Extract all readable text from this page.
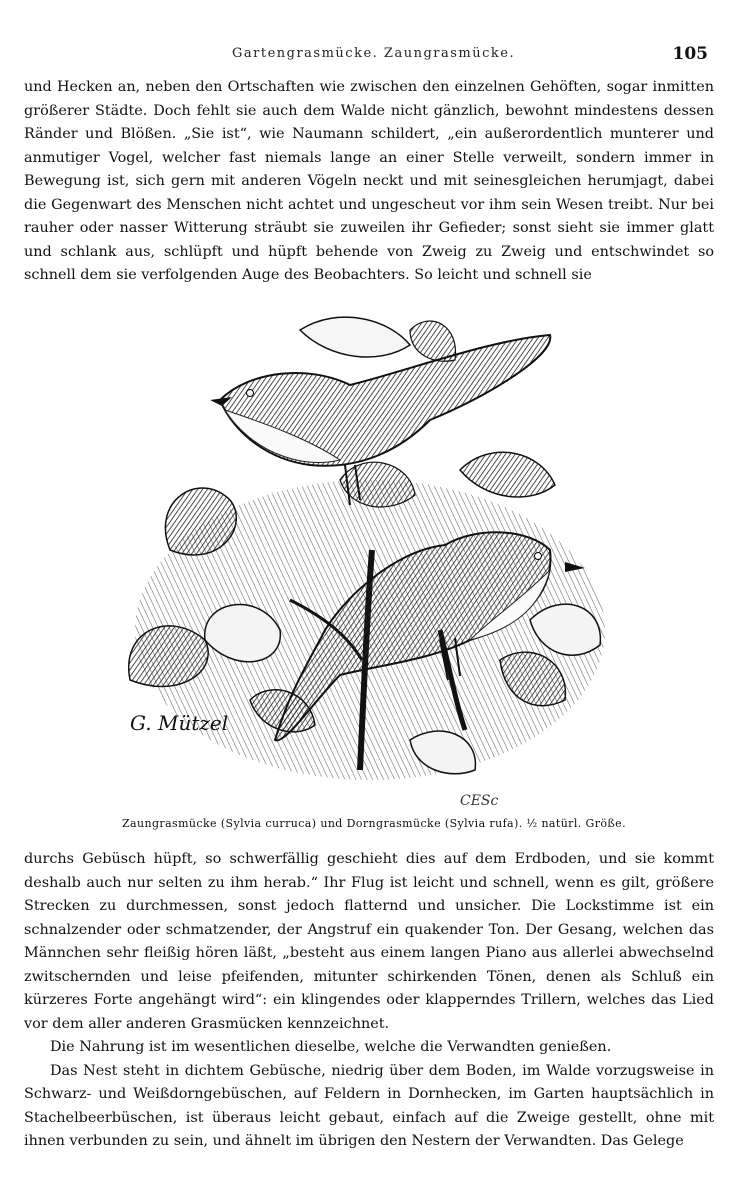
Gartengrasmücke. Zaungrasmücke.	105

und Hecken an, neben den Ortschaften wie zwischen den einzelnen Gehöften, sogar inmitten größerer Städte. Doch fehlt sie auch dem Walde nicht gänzlich, bewohnt mindestens dessen Ränder und Blößen. „Sie ist“, wie Naumann schildert, „ein außerordentlich munterer und anmutiger Vogel, welcher fast niemals lange an einer Stelle verweilt, sondern immer in Bewegung ist, sich gern mit anderen Vögeln neckt und mit seinesgleichen herumjagt, dabei die Gegenwart des Menschen nicht achtet und ungescheut vor ihm sein Wesen treibt. Nur bei rauher oder nasser Witterung sträubt sie zuweilen ihr Gefieder; sonst sieht sie immer glatt und schlank aus, schlüpft und hüpft behende von Zweig zu Zweig und entschwindet so schnell dem sie verfolgenden Auge des Beobachters. So leicht und schnell sie

G. Mützel
CESc
Zaungrasmücke (Sylvia curruca) und Dorngrasmücke (Sylvia rufa). ½ natürl. Größe.

durchs Gebüsch hüpft, so schwerfällig geschieht dies auf dem Erdboden, und sie kommt deshalb auch nur selten zu ihm herab.“ Ihr Flug ist leicht und schnell, wenn es gilt, größere Strecken zu durchmessen, sonst jedoch flatternd und unsicher. Die Lockstimme ist ein schnalzender oder schmatzender, der Angstruf ein quakender Ton. Der Gesang, welchen das Männchen sehr fleißig hören läßt, „besteht aus einem langen Piano aus allerlei abwechselnd zwitschernden und leise pfeifenden, mitunter schirkenden Tönen, denen als Schluß ein kürzeres Forte angehängt wird“: ein klingendes oder klapperndes Trillern, welches das Lied vor dem aller anderen Grasmücken kennzeichnet.

Die Nahrung ist im wesentlichen dieselbe, welche die Verwandten genießen.

Das Nest steht in dichtem Gebüsche, niedrig über dem Boden, im Walde vorzugsweise in Schwarz- und Weißdorngebüschen, auf Feldern in Dornhecken, im Garten hauptsächlich in Stachelbeerbüschen, ist überaus leicht gebaut, einfach auf die Zweige gestellt, ohne mit ihnen verbunden zu sein, und ähnelt im übrigen den Nestern der Verwandten. Das Gelege
